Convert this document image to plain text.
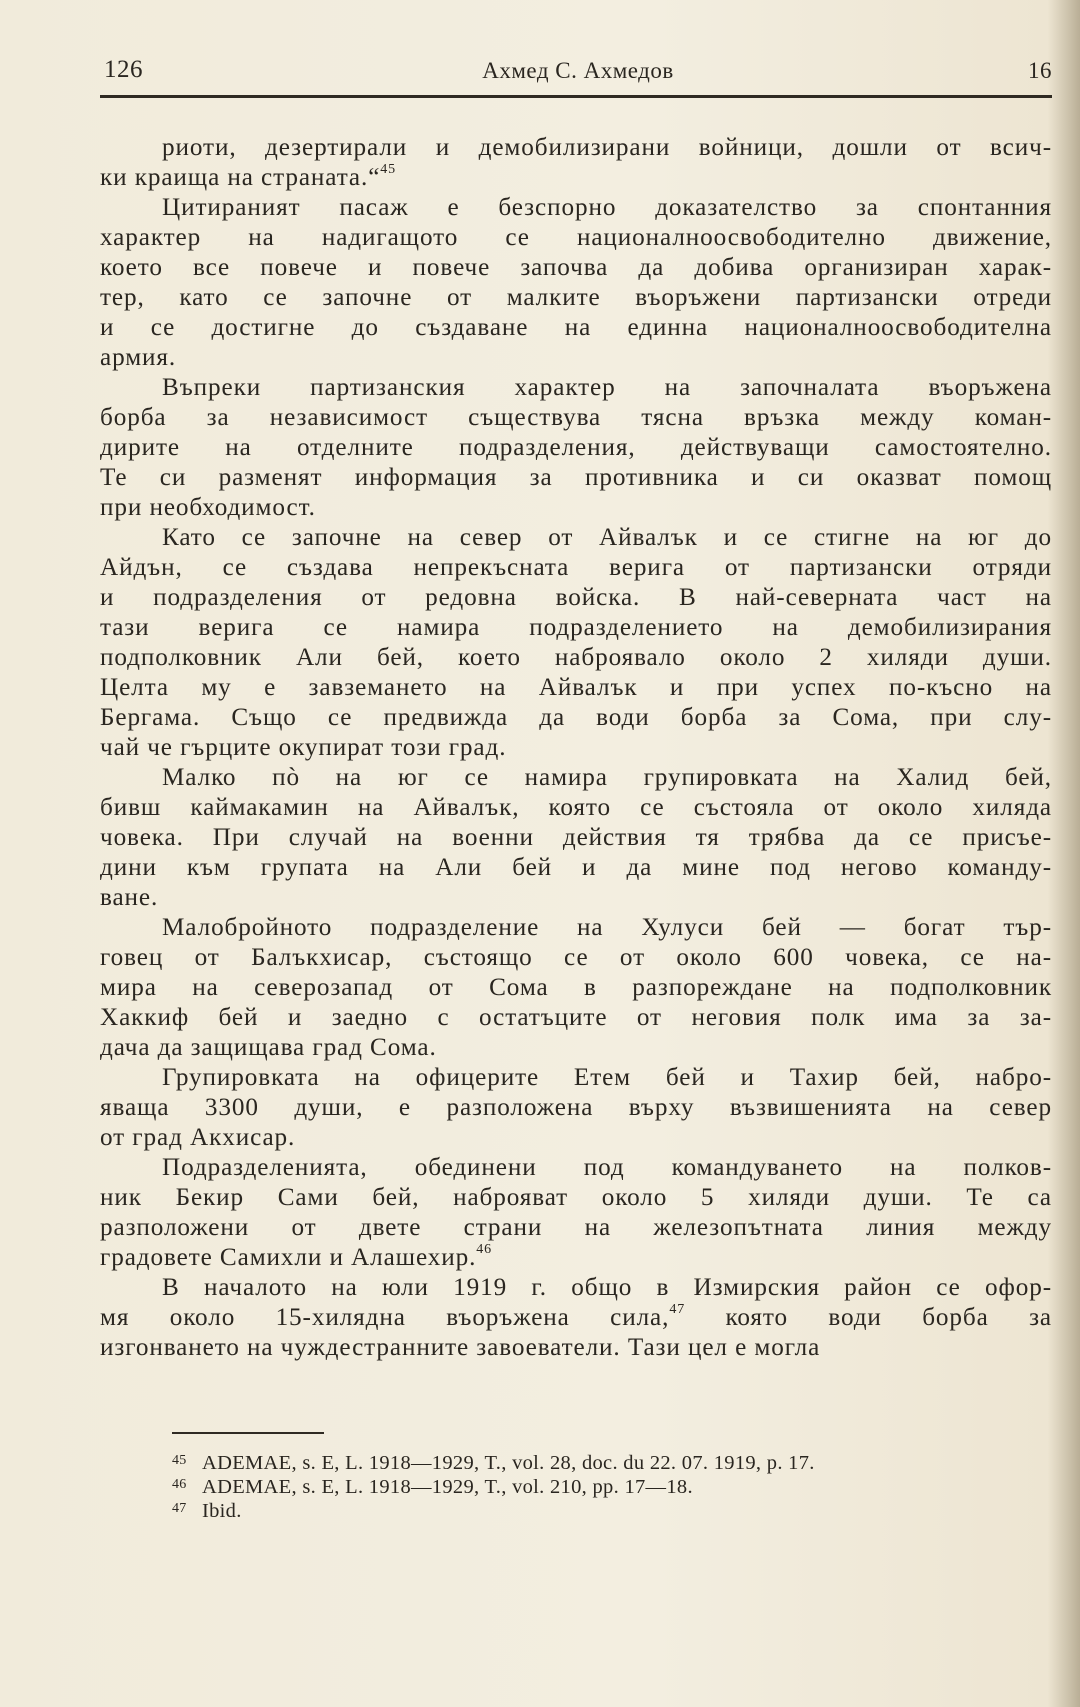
126	Ахмед С. Ахмедов	16
риоти, дезертирали и демобилизирани войници, дошли от всич-
ки краища на страната.“$^{45}$
Цитираният пасаж е безспорно доказателство за спонтанния
характер на надигащото се националноосвободително движение,
което все повече и повече започва да добива организиран харак-
тер, като се започне от малките въоръжени партизански отреди
и се достигне до създаване на единна националноосвободителна
армия.
Въпреки партизанския характер на започналата въоръжена
борба за независимост съществува тясна връзка между коман-
дирите на отделните подразделения, действуващи самостоятелно.
Те си разменят информация за противника и си оказват помощ
при необходимост.
Като се започне на север от Айвалък и се стигне на юг до
Айдън, се създава непрекъсната верига от партизански отряди
и подразделения от редовна войска. В най-северната част на
тази верига се намира подразделението на демобилизирания
подполковник Али бей, което наброявало около 2 хиляди души.
Целта му е завземането на Айвалък и при успех по-късно на
Бергама. Също се предвижда да води борба за Сома, при слу-
чай че гърците окупират този град.
Малко пò на юг се намира групировката на Халид бей,
бивш каймакамин на Айвалък, която се състояла от около хиляда
човека. При случай на военни действия тя трябва да се присъе-
дини към групата на Али бей и да мине под негово команду-
ване.
Малобройното подразделение на Хулуси бей — богат тър-
говец от Балъкхисар, състоящо се от около 600 човека, се на-
мира на северозапад от Сома в разпореждане на подполковник
Хаккиф бей и заедно с остатъците от неговия полк има за за-
дача да защищава град Сома.
Групировката на офицерите Етем бей и Тахир бей, набро-
яваща 3300 души, е разположена върху възвишенията на север
от град Акхисар.
Подразделенията, обединени под командуването на полков-
ник Бекир Сами бей, наброяват около 5 хиляди души. Те са
разположени от двете страни на железопътната линия между
градовете Самихли и Алашехир.$^{46}$
В началото на юли 1919 г. общо в Измирския район се офор-
мя около 15-хилядна въоръжена сила,$^{47}$ която води борба за
изгонването на чуждестранните завоеватели. Тази цел е могла
45 ADEMAE, s. E, L. 1918—1929, T., vol. 28, doc. du 22. 07. 1919, p. 17.
46 ADEMAE, s. E, L. 1918—1929, T., vol. 210, pp. 17—18.
47 Ibid.
